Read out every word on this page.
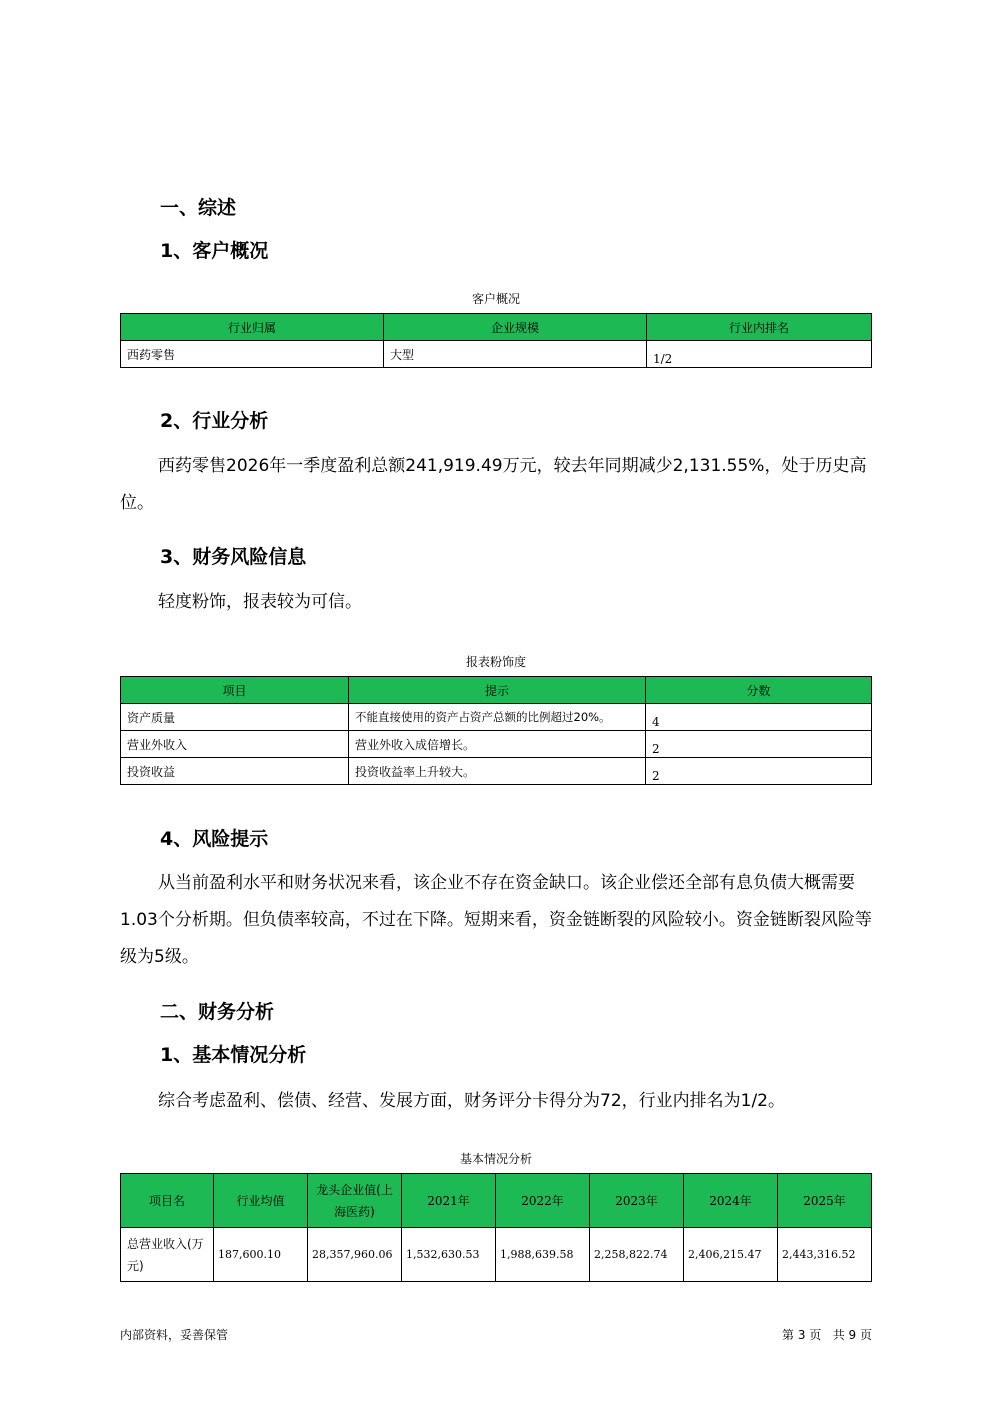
一、综述
1、客户概况
客户概况
行业归属	企业规模	行业内排名
西药零售	大型	1/2
2、行业分析
西药零售2026年一季度盈利总额241,919.49万元，较去年同期减少2,131.55%，处于历史高位。
3、财务风险信息
轻度粉饰，报表较为可信。
报表粉饰度
项目	提示	分数
资产质量	不能直接使用的资产占资产总额的比例超过20%。	4
营业外收入	营业外收入成倍增长。	2
投资收益	投资收益率上升较大。	2
4、风险提示
从当前盈利水平和财务状况来看，该企业不存在资金缺口。该企业偿还全部有息负债大概需要 1.03个分析期。但负债率较高，不过在下降。短期来看，资金链断裂的风险较小。资金链断裂风险等级为5级。
二、财务分析
1、基本情况分析
综合考虑盈利、偿债、经营、发展方面，财务评分卡得分为72，行业内排名为1/2。
基本情况分析
项目名	行业均值	龙头企业值(上海医药)	2021年	2022年	2023年	2024年	2025年
总营业收入(万元)	187,600.10	28,357,960.06	1,532,630.53	1,988,639.58	2,258,822.74	2,406,215.47	2,443,316.52
内部资料，妥善保管	第 3 页   共 9 页
